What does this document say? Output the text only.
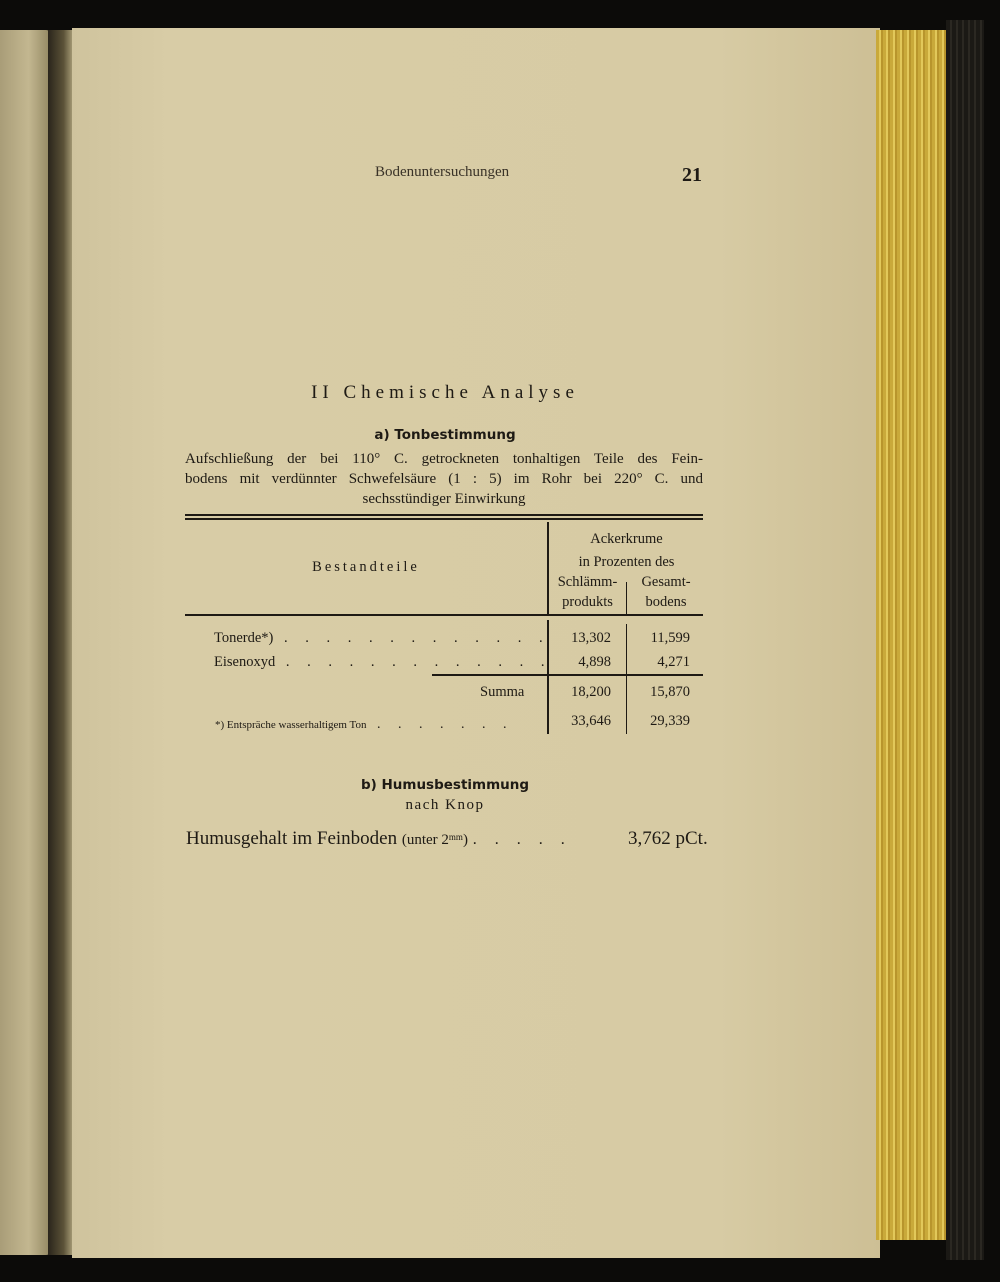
Bodenuntersuchungen	21
II Chemische Analyse
a) Tonbestimmung
Aufschließung der bei 110° C. getrockneten tonhaltigen Teile des Fein-
bodens mit verdünnter Schwefelsäure (1 : 5) im Rohr bei 220° C. und
sechsstündiger Einwirkung
Bestandteile
Ackerkrume
in Prozenten des
Schlämm-
produkts
Gesamt-
bodens
Tonerde*) . . . . . . . . . . . . .	13,302	11,599
Eisenoxyd . . . . . . . . . . . . .	4,898	4,271
Summa	18,200	15,870
*) Entspräche wasserhaltigem Ton . . . . . . .	33,646	29,339
b) Humusbestimmung
nach Knop
Humusgehalt im Feinboden (unter $2^{mm}$) . . . . .	3,762 pCt.
